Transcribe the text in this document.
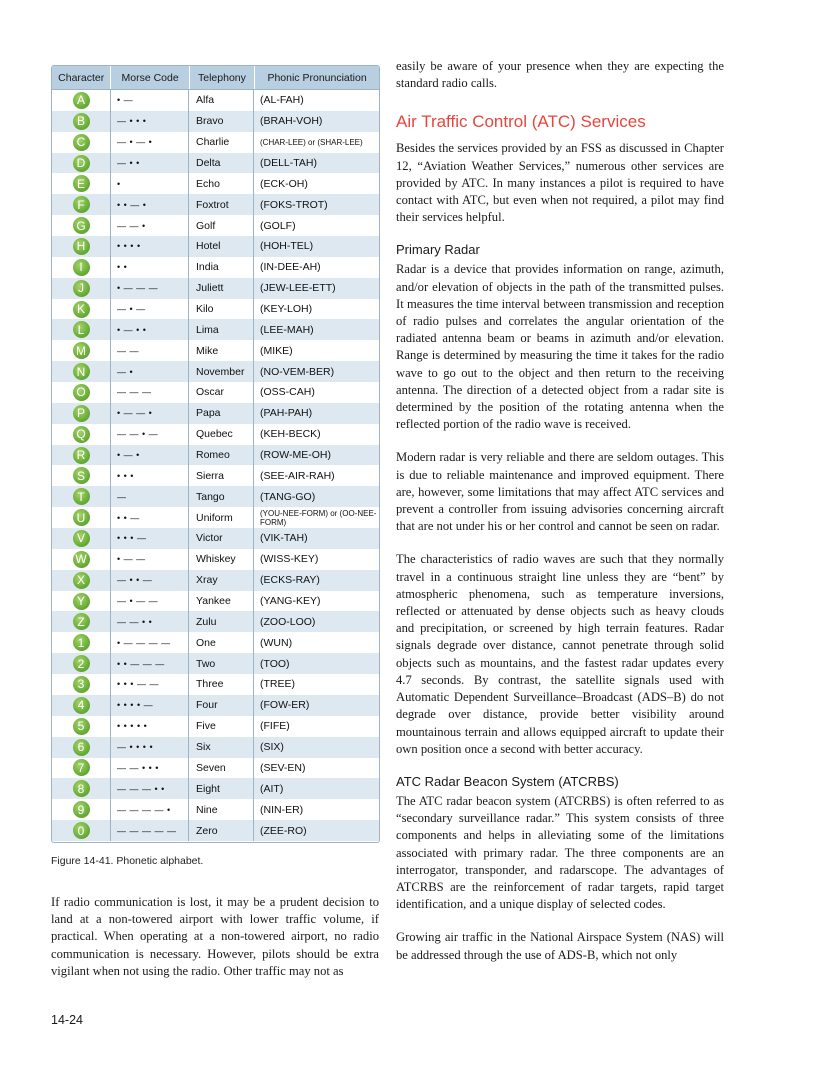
Character	Morse Code	Telephony	Phonic Pronunciation
A	• —	Alfa	(AL-FAH)
B	— • • •	Bravo	(BRAH-VOH)
C	— • — •	Charlie	(CHAR-LEE) or (SHAR-LEE)
D	— • •	Delta	(DELL-TAH)
E	•	Echo	(ECK-OH)
F	• • — •	Foxtrot	(FOKS-TROT)
G	— — •	Golf	(GOLF)
H	• • • •	Hotel	(HOH-TEL)
I	• •	India	(IN-DEE-AH)
J	• — — —	Juliett	(JEW-LEE-ETT)
K	— • —	Kilo	(KEY-LOH)
L	• — • •	Lima	(LEE-MAH)
M	— —	Mike	(MIKE)
N	— •	November	(NO-VEM-BER)
O	— — —	Oscar	(OSS-CAH)
P	• — — •	Papa	(PAH-PAH)
Q	— — • —	Quebec	(KEH-BECK)
R	• — •	Romeo	(ROW-ME-OH)
S	• • •	Sierra	(SEE-AIR-RAH)
T	—	Tango	(TANG-GO)
U	• • —	Uniform	(YOU-NEE-FORM) or (OO-NEE-FORM)
V	• • • —	Victor	(VIK-TAH)
W	• — —	Whiskey	(WISS-KEY)
X	— • • —	Xray	(ECKS-RAY)
Y	— • — —	Yankee	(YANG-KEY)
Z	— — • •	Zulu	(ZOO-LOO)
1	• — — — —	One	(WUN)
2	• • — — —	Two	(TOO)
3	• • • — —	Three	(TREE)
4	• • • • —	Four	(FOW-ER)
5	• • • • •	Five	(FIFE)
6	— • • • •	Six	(SIX)
7	— — • • •	Seven	(SEV-EN)
8	— — — • •	Eight	(AIT)
9	— — — — •	Nine	(NIN-ER)
0	— — — — —	Zero	(ZEE-RO)
Figure 14-41. Phonetic alphabet.

If radio communication is lost, it may be a prudent decision to land at a non-towered airport with lower traffic volume, if practical. When operating at a non-towered airport, no radio communication is necessary. However, pilots should be extra vigilant when not using the radio. Other traffic may not as

easily be aware of your presence when they are expecting the standard radio calls.

Air Traffic Control (ATC) Services

Besides the services provided by an FSS as discussed in Chapter 12, “Aviation Weather Services,” numerous other services are provided by ATC. In many instances a pilot is required to have contact with ATC, but even when not required, a pilot may find their services helpful.

Primary Radar

Radar is a device that provides information on range, azimuth, and/or elevation of objects in the path of the transmitted pulses. It measures the time interval between transmission and reception of radio pulses and correlates the angular orientation of the radiated antenna beam or beams in azimuth and/or elevation. Range is determined by measuring the time it takes for the radio wave to go out to the object and then return to the receiving antenna. The direction of a detected object from a radar site is determined by the position of the rotating antenna when the reflected portion of the radio wave is received.

Modern radar is very reliable and there are seldom outages. This is due to reliable maintenance and improved equipment. There are, however, some limitations that may affect ATC services and prevent a controller from issuing advisories concerning aircraft that are not under his or her control and cannot be seen on radar.

The characteristics of radio waves are such that they normally travel in a continuous straight line unless they are “bent” by atmospheric phenomena, such as temperature inversions, reflected or attenuated by dense objects such as heavy clouds and precipitation, or screened by high terrain features. Radar signals degrade over distance, cannot penetrate through solid objects such as mountains, and the fastest radar updates every 4.7 seconds. By contrast, the satellite signals used with Automatic Dependent Surveillance–Broadcast (ADS–B) do not degrade over distance, provide better visibility around mountainous terrain and allows equipped aircraft to update their own position once a second with better accuracy.

ATC Radar Beacon System (ATCRBS)

The ATC radar beacon system (ATCRBS) is often referred to as “secondary surveillance radar.” This system consists of three components and helps in alleviating some of the limitations associated with primary radar. The three components are an interrogator, transponder, and radarscope. The advantages of ATCRBS are the reinforcement of radar targets, rapid target identification, and a unique display of selected codes.

Growing air traffic in the National Airspace System (NAS) will be addressed through the use of ADS-B, which not only

14-24
